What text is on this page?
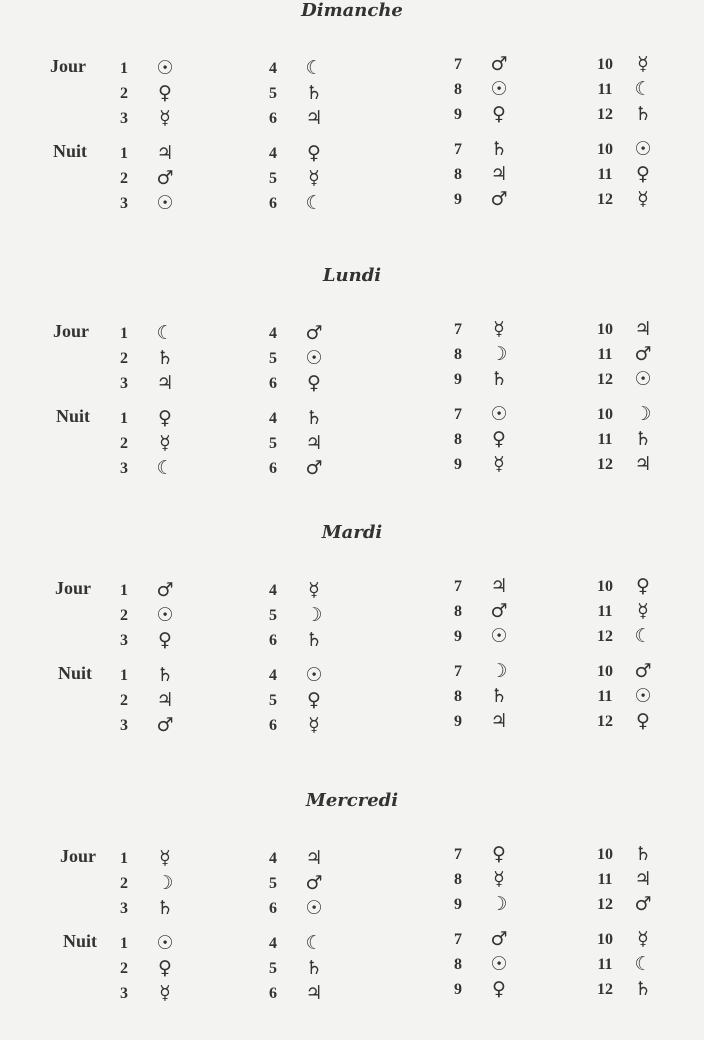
Dimanche
Jour	1	☉
2	♀
3	☿
4	☾
5	♄
6	♃
7	♂
8	☉
9	♀
10	☿
11	☾
12	♄
Nuit	1	♃
2	♂
3	☉
4	♀
5	☿
6	☾
7	♄
8	♃
9	♂
10	☉
11	♀
12	☿
Lundi
Jour	1	☾
2	♄
3	♃
4	♂
5	☉
6	♀
7	☿
8	☽
9	♄
10	♃
11	♂
12	☉
Nuit	1	♀
2	☿
3	☾
4	♄
5	♃
6	♂
7	☉
8	♀
9	☿
10	☽
11	♄
12	♃
Mardi
Jour	1	♂
2	☉
3	♀
4	☿
5	☽
6	♄
7	♃
8	♂
9	☉
10	♀
11	☿
12	☾
Nuit	1	♄
2	♃
3	♂
4	☉
5	♀
6	☿
7	☽
8	♄
9	♃
10	♂
11	☉
12	♀
Mercredi
Jour	1	☿
2	☽
3	♄
4	♃
5	♂
6	☉
7	♀
8	☿
9	☽
10	♄
11	♃
12	♂
Nuit	1	☉
2	♀
3	☿
4	☾
5	♄
6	♃
7	♂
8	☉
9	♀
10	☿
11	☾
12	♄
